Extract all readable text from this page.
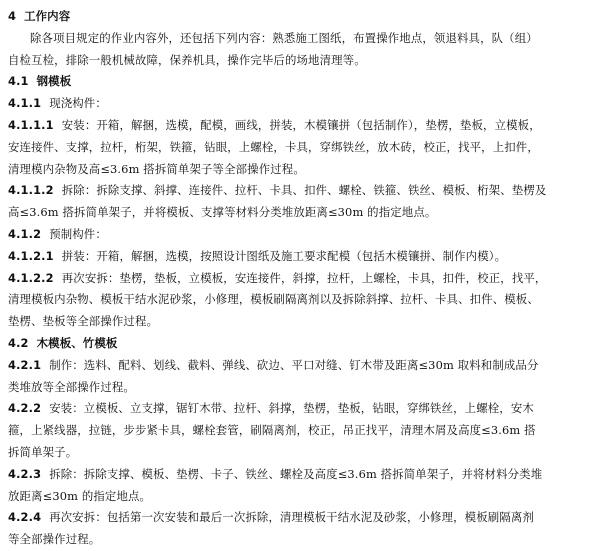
4 工作内容
除各项目规定的作业内容外，还包括下列内容：熟悉施工图纸，布置操作地点，领退料具，队（组）
自检互检，排除一般机械故障，保养机具，操作完毕后的场地清理等。
4.1 钢模板
4.1.1 现浇构件：
4.1.1.1 安装：开箱，解捆，选模，配模，画线，拼装，木模镶拼（包括制作），垫楞，垫板，立模板，
安连接件、支撑，拉杆，桁架，铁箍，钻眼，上螺栓，卡具，穿绑铁丝，放木砖，校正，找平，上扣件，
清理模内杂物及高≤3.6m 搭拆简单架子等全部操作过程。
4.1.1.2 拆除：拆除支撑、斜撑、连接件、拉杆、卡具、扣件、螺栓、铁箍、铁丝、模板、桁架、垫楞及
高≤3.6m 搭拆简单架子，并将模板、支撑等材料分类堆放距离≤30m 的指定地点。
4.1.2 预制构件：
4.1.2.1 拼装：开箱，解捆，选模，按照设计图纸及施工要求配模（包括木模镶拼、制作内模）。
4.1.2.2 再次安拆：垫楞，垫板，立模板，安连接件，斜撑，拉杆，上螺栓，卡具，扣件，校正，找平，
清理模板内杂物、模板干结水泥砂浆，小修理，模板刷隔离剂以及拆除斜撑、拉杆、卡具、扣件、模板、
垫楞、垫板等全部操作过程。
4.2 木模板、竹模板
4.2.1 制作：选料、配料、划线、截料、弹线、砍边、平口对缝、钉木带及距离≤30m 取料和制成品分
类堆放等全部操作过程。
4.2.2 安装：立模板、立支撑，锯钉木带、拉杆、斜撑，垫楞，垫板，钻眼，穿绑铁丝，上螺栓，安木
箍，上紧线器，拉链，步步紧卡具，螺栓套管，刷隔离剂，校正，吊正找平，清理木屑及高度≤3.6m 搭
拆简单架子。
4.2.3 拆除：拆除支撑、模板、垫楞、卡子、铁丝、螺栓及高度≤3.6m 搭拆简单架子，并将材料分类堆
放距离≤30m 的指定地点。
4.2.4 再次安拆：包括第一次安装和最后一次拆除，清理模板干结水泥及砂浆，小修理，模板刷隔离剂
等全部操作过程。
